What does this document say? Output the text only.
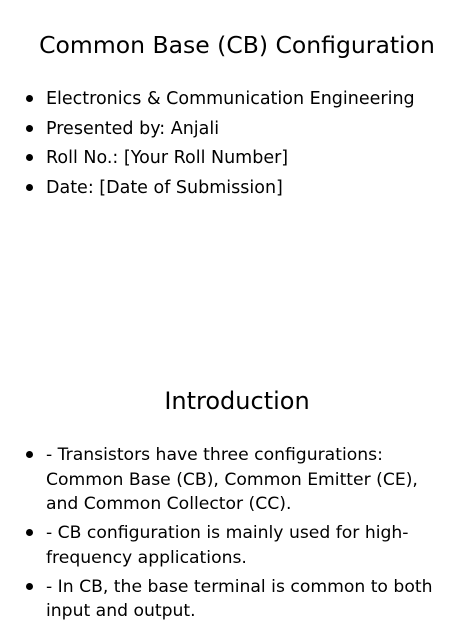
Common Base (CB) Configuration
Electronics & Communication Engineering
Presented by: Anjali
Roll No.: [Your Roll Number]
Date: [Date of Submission]
Introduction
- Transistors have three configurations: Common Base (CB), Common Emitter (CE), and Common Collector (CC).
- CB configuration is mainly used for high-frequency applications.
- In CB, the base terminal is common to both input and output.
